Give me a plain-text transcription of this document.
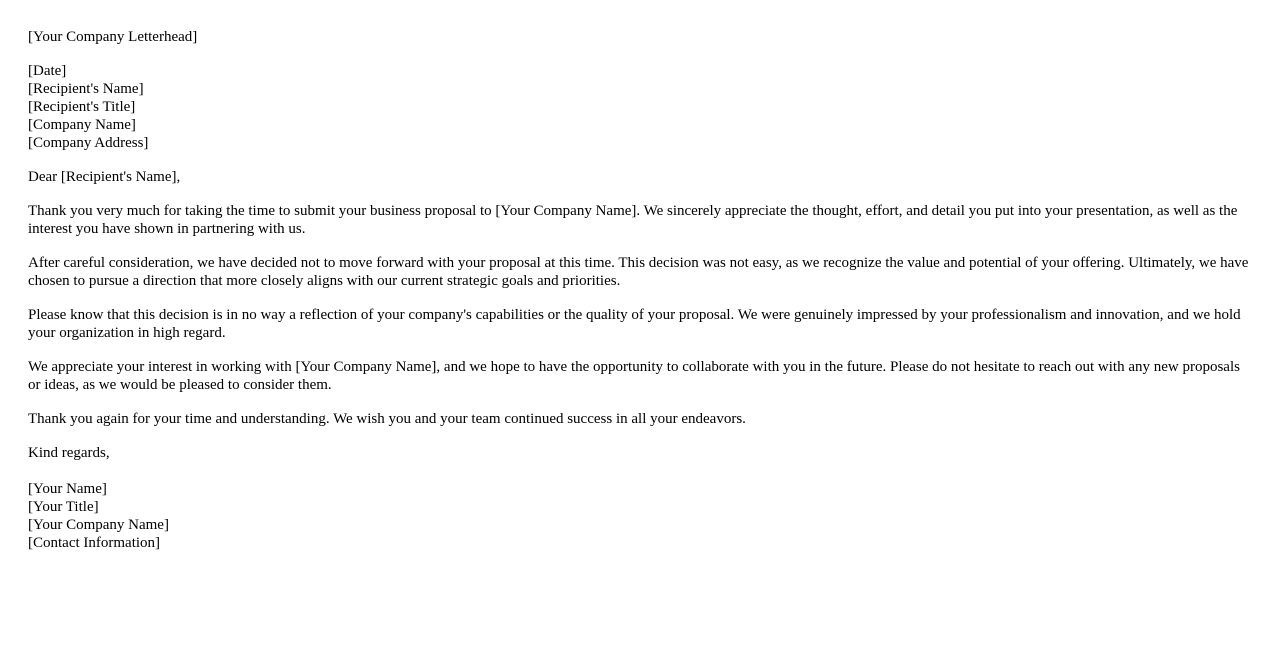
[Your Company Letterhead]
[Date]
[Recipient's Name]
[Recipient's Title]
[Company Name]
[Company Address]
Dear [Recipient's Name],

Thank you very much for taking the time to submit your business proposal to [Your Company Name]. We sincerely appreciate the thought, effort, and detail you put into your presentation, as well as the interest you have shown in partnering with us.

After careful consideration, we have decided not to move forward with your proposal at this time. This decision was not easy, as we recognize the value and potential of your offering. Ultimately, we have chosen to pursue a direction that more closely aligns with our current strategic goals and priorities.

Please know that this decision is in no way a reflection of your company's capabilities or the quality of your proposal. We were genuinely impressed by your professionalism and innovation, and we hold your organization in high regard.

We appreciate your interest in working with [Your Company Name], and we hope to have the opportunity to collaborate with you in the future. Please do not hesitate to reach out with any new proposals or ideas, as we would be pleased to consider them.

Thank you again for your time and understanding. We wish you and your team continued success in all your endeavors.

Kind regards,
[Your Name]
[Your Title]
[Your Company Name]
[Contact Information]
